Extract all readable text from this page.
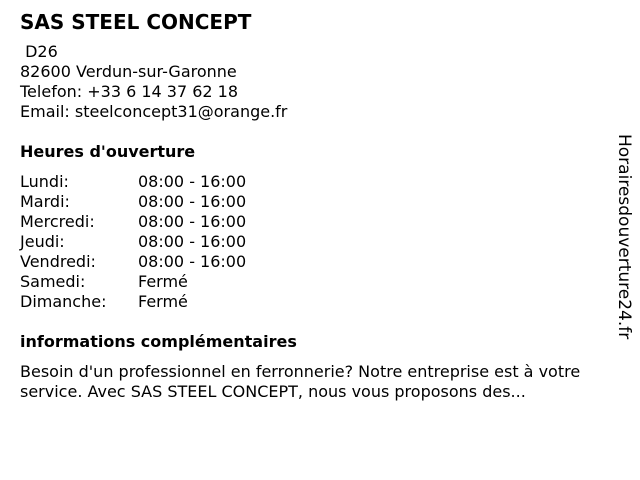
SAS STEEL CONCEPT
D26
82600 Verdun-sur-Garonne
Telefon: +33 6 14 37 62 18
Email: steelconcept31@orange.fr
Heures d'ouverture
Lundi:	08:00 - 16:00
Mardi:	08:00 - 16:00
Mercredi:	08:00 - 16:00
Jeudi:	08:00 - 16:00
Vendredi:	08:00 - 16:00
Samedi:	Fermé
Dimanche:	Fermé
informations complémentaires
Besoin d'un professionnel en ferronnerie? Notre entreprise est à votre service. Avec SAS STEEL CONCEPT, nous vous proposons des...
Horairesdouverture24.fr
